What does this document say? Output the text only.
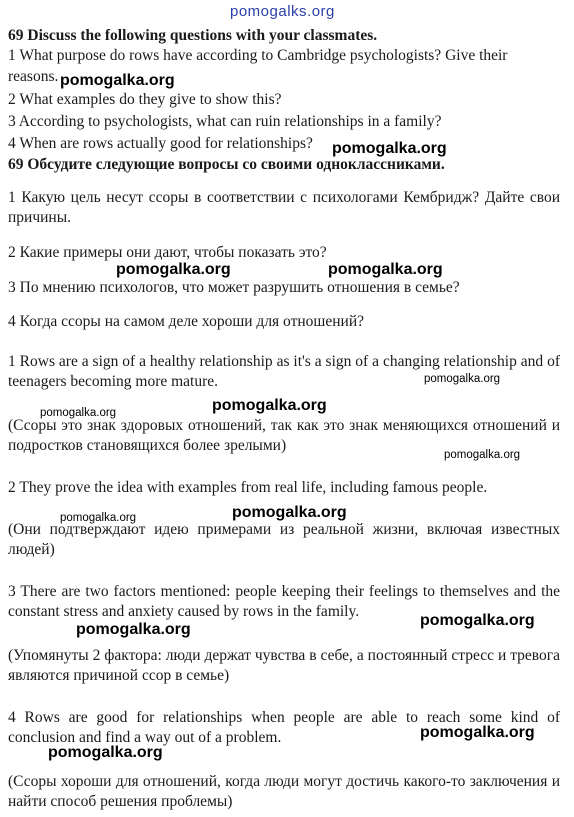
pomogalks.org
69 Discuss the following questions with your classmates.
1 What purpose do rows have according to Cambridge psychologists? Give their
reasons.
2 What examples do they give to show this?
3 According to psychologists, what can ruin relationships in a family?
4 When are rows actually good for relationships?
69 Обсудите следующие вопросы со своими одноклассниками.
1 Какую цель несут ссоры в соответствии с психологами Кембридж? Дайте свои причины.
2 Какие примеры они дают, чтобы показать это?
3 По мнению психологов, что может разрушить отношения в семье?
4 Когда ссоры на самом деле хороши для отношений?
1 Rows are a sign of a healthy relationship as it's a sign of a changing relationship and of teenagers becoming more mature.
(Ссоры это знак здоровых отношений, так как это знак меняющихся отношений и подростков становящихся более зрелыми)
2 They prove the idea with examples from real life, including famous people.
(Они подтверждают идею примерами из реальной жизни, включая известных людей)
3 There are two factors mentioned: people keeping their feelings to themselves and the constant stress and anxiety caused by rows in the family.
(Упомянуты 2 фактора: люди держат чувства в себе, а постоянный стресс и тревога являются причиной ссор в семье)
4 Rows are good for relationships when people are able to reach some kind of conclusion and find a way out of a problem.
(Ссоры хороши для отношений, когда люди могут достичь какого-то заключения и найти способ решения проблемы)
pomogalka.org
pomogalka.org
pomogalka.org	pomogalka.org
pomogalka.org
pomogalka.org
pomogalka.org
pomogalka.org
pomogalka.org
pomogalka.org
pomogalka.org
pomogalka.org
pomogalka.org
pomogalka.org
